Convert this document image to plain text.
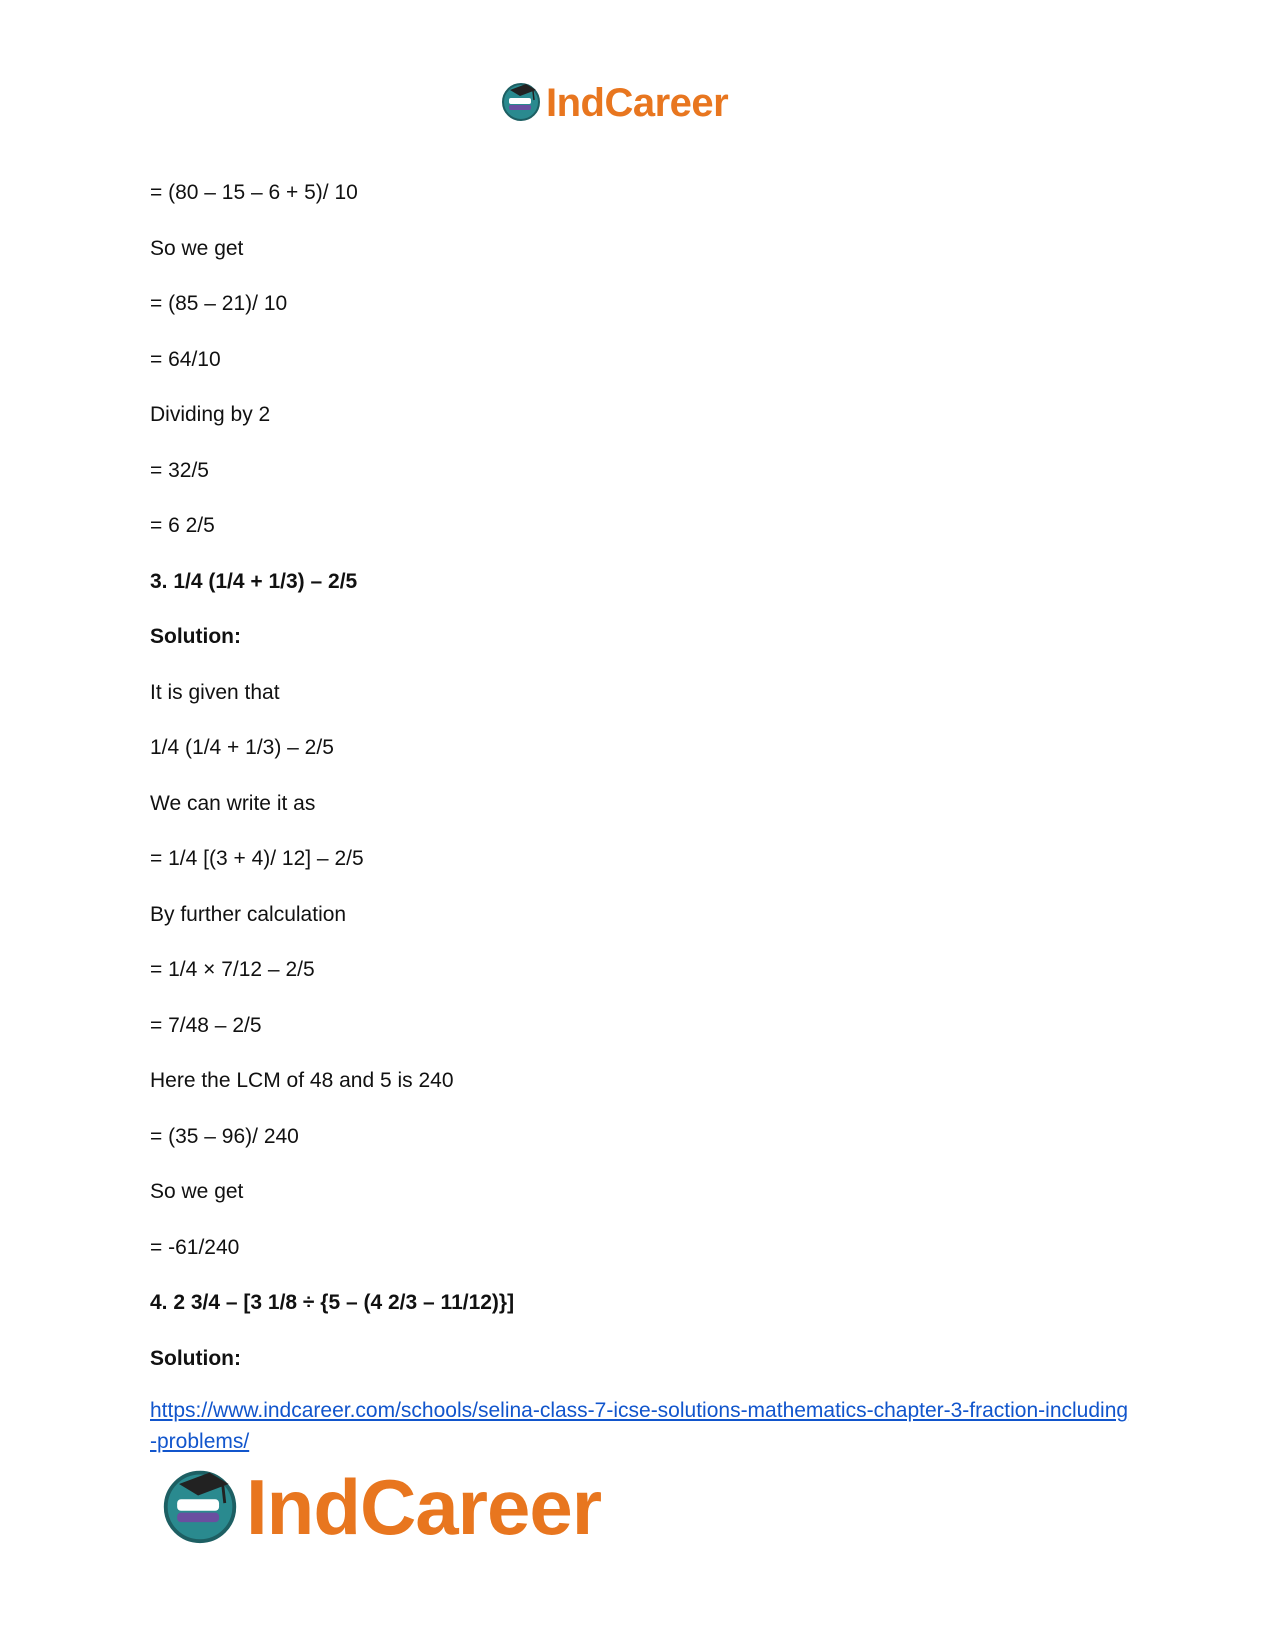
IndCareer
= (80 – 15 – 6 + 5)/ 10
So we get
= (85 – 21)/ 10
= 64/10
Dividing by 2
= 32/5
= 6 2/5
3. 1/4 (1/4 + 1/3) – 2/5
Solution:
It is given that
1/4 (1/4 + 1/3) – 2/5
We can write it as
= 1/4 [(3 + 4)/ 12] – 2/5
By further calculation
= 1/4 × 7/12 – 2/5
= 7/48 – 2/5
Here the LCM of 48 and 5 is 240
= (35 – 96)/ 240
So we get
= -61/240
4. 2 3/4 – [3 1/8 ÷ {5 – (4 2/3 – 11/12)}]
Solution:
https://www.indcareer.com/schools/selina-class-7-icse-solutions-mathematics-chapter-3-fraction-including-problems/
IndCareer
